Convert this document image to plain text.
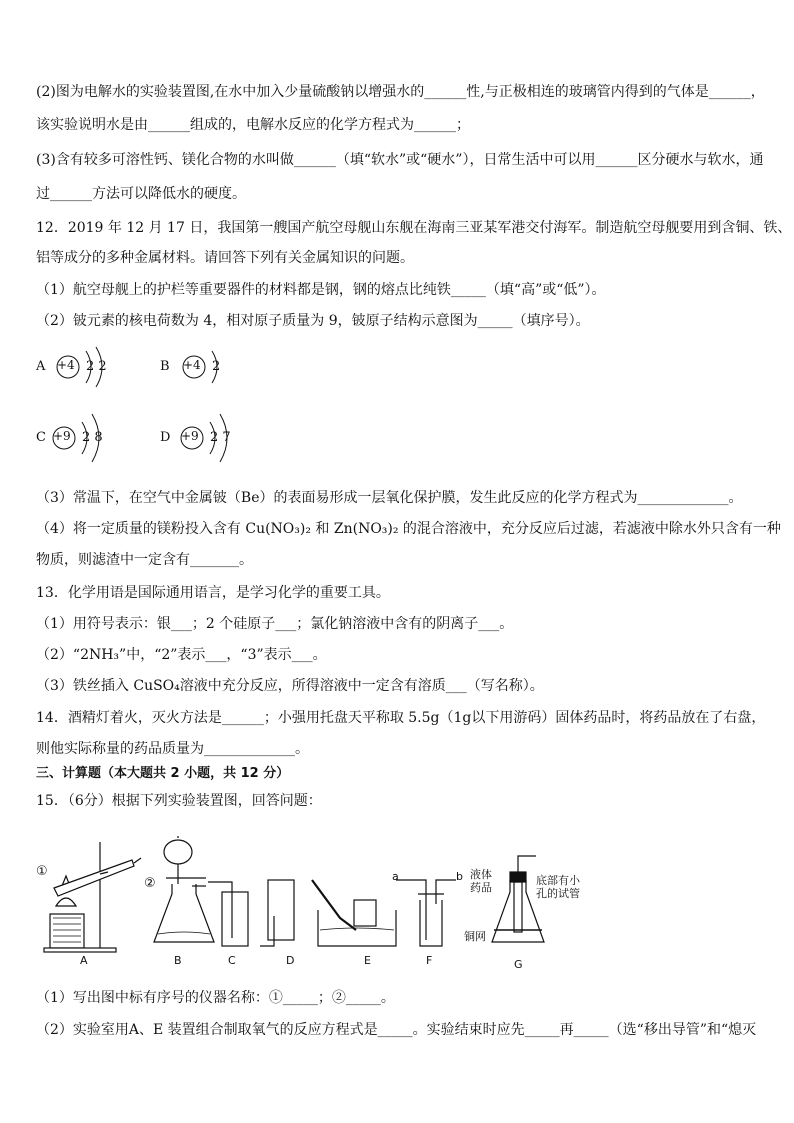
(2)图为电解水的实验装置图,在水中加入少量硫酸钠以增强水的______性,与正极相连的玻璃管内得到的气体是______，
该实验说明水是由______组成的，电解水反应的化学方程式为______；
(3)含有较多可溶性钙、镁化合物的水叫做______（填“软水”或“硬水”），日常生活中可以用______区分硬水与软水，通
过______方法可以降低水的硬度。
12．2019 年 12 月 17 日，我国第一艘国产航空母舰山东舰在海南三亚某军港交付海军。制造航空母舰要用到含铜、铁、
铝等成分的多种金属材料。请回答下列有关金属知识的问题。
（1）航空母舰上的护栏等重要器件的材料都是钢，钢的熔点比纯铁_____（填“高”或“低”）。
（2）铍元素的核电荷数为 4，相对原子质量为 9，铍原子结构示意图为_____（填序号）。
A +4 2 2	B +4 2
C +9 2 8	D +9 2 7
（3）常温下，在空气中金属铍（Be）的表面易形成一层氧化保护膜，发生此反应的化学方程式为_____________。
（4）将一定质量的镁粉投入含有 Cu(NO₃)₂ 和 Zn(NO₃)₂ 的混合溶液中，充分反应后过滤，若滤液中除水外只含有一种
物质，则滤渣中一定含有_______。
13．化学用语是国际通用语言，是学习化学的重要工具。
（1）用符号表示：银___；2 个硅原子___；氯化钠溶液中含有的阴离子___。
（2）“2NH₃”中，“2”表示___，“3”表示___。
（3）铁丝插入 CuSO₄溶液中充分反应，所得溶液中一定含有溶质___（写名称）。
14．酒精灯着火，灭火方法是______；小强用托盘天平称取 5.5g（1g以下用游码）固体药品时，将药品放在了右盘，
则他实际称量的药品质量为_____________。
三、计算题（本大题共 2 小题，共 12 分）
15．（6分）根据下列实验装置图，回答问题：
①
②	a	b 液体
药品
底部有小
孔的试管
铜网
A	B	C	D	E	F	G
（1）写出图中标有序号的仪器名称：①_____；②_____。
（2）实验室用A、E 装置组合制取氧气的反应方程式是_____。实验结束时应先_____再_____（选“移出导管”和“熄灭
